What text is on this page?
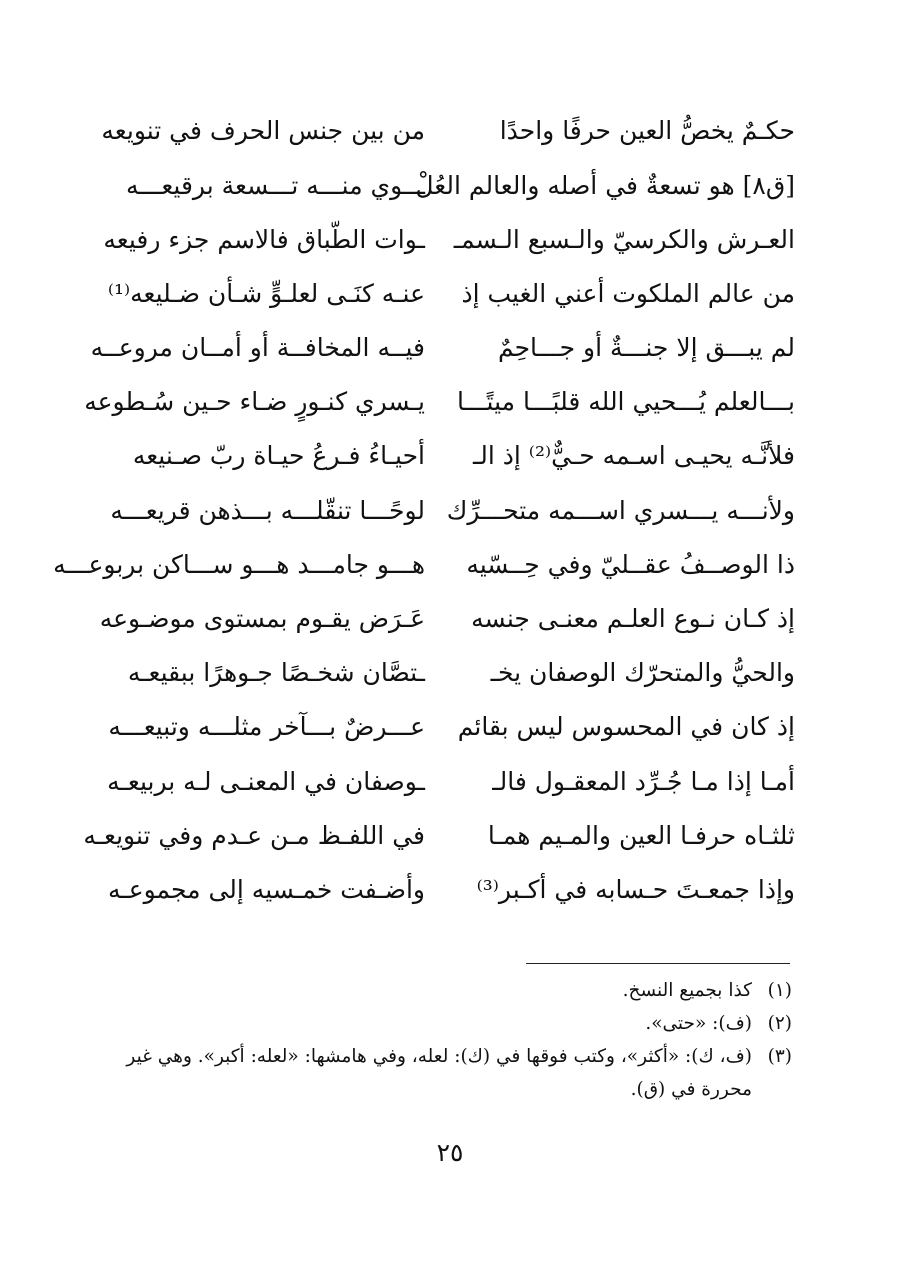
حكـمٌ يخصُّ العين حرفًا واحدًا
من بين جنس الحرف في تنويعه
[ق٨] هو تسعةٌ في أصله والعالم العُلْ
ـــوي منـــه تـــسعة برقيعـــه
العـرش والكرسيّ والـسبع الـسمـ
ـوات الطّباق فالاسم جزء رفيعه
من عالم الملكوت أعني الغيب إذ
عنـه كنَـى لعلـوٍّ شـأن ضـليعه⁽¹⁾
لم يبـــق إلا جنـــةٌ أو جـــاحِمٌ
فيــه المخافــة أو أمــان مروعــه
بـــالعلم يُـــحيي الله قلبًـــا ميتًـــا
يـسري كنـورٍ ضـاء حـين سُـطوعه
فلأنَّـه يحيـى اسـمه حـيٌّ⁽²⁾ إذ الـ
أحيـاءُ فـرعُ حيـاة ربّ صـنيعه
ولأنـــه يـــسري اســـمه متحـــرِّك
لوحًـــا تنقّلـــه بـــذهن قريعـــه
ذا الوصــفُ عقــليّ وفي حِــسّيه
هـــو جامـــد هـــو ســـاكن بربوعـــه
إذ كـان نـوع العلـم معنـى جنسه
عَـرَض يقـوم بمستوى موضـوعه
والحيُّ والمتحرّك الوصفان يخـ
ـتصَّان شخـصًا جـوهرًا ببقيعـه
إذ كان في المحسوس ليس بقائم
عـــرضٌ بـــآخر مثلـــه وتبيعـــه
أمـا إذا مـا جُـرِّد المعقـول فالـ
ـوصفان في المعنـى لـه بربيعـه
ثلثـاه حرفـا العين والمـيم همـا
في اللفـظ مـن عـدم وفي تنويعـه
وإذا جمعـتَ حـسابه في أكـبر⁽³⁾
وأضـفت خمـسيه إلى مجموعـه
(١)
كذا بجميع النسخ.
(٢)
(ف): «حتى».
(٣)
(ف، ك): «أكثر»، وكتب فوقها في (ك): لعله، وفي هامشها: «لعله: أكبر». وهي غير محررة في (ق).
٢٥
